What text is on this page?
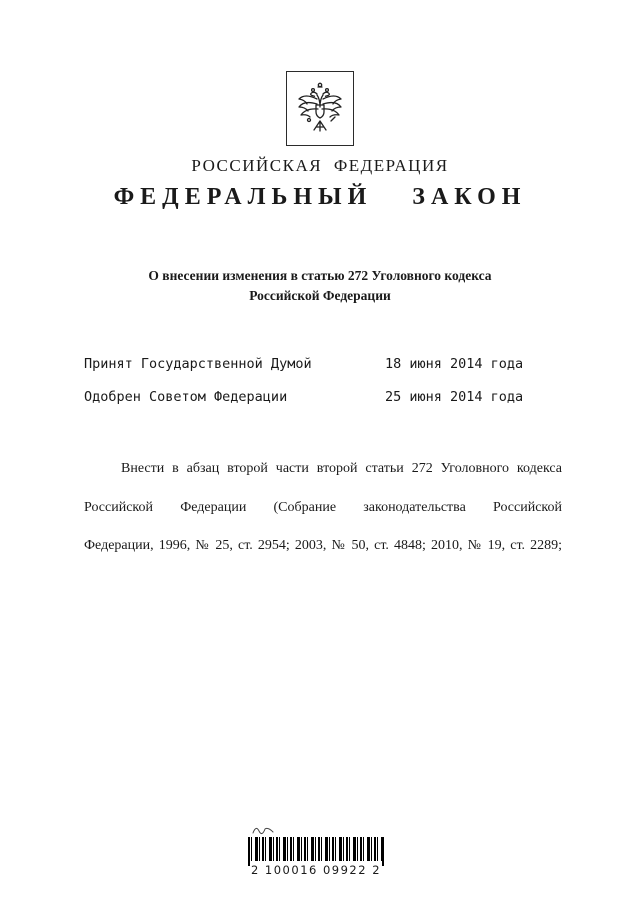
РОССИЙСКАЯ ФЕДЕРАЦИЯ
ФЕДЕРАЛЬНЫЙ ЗАКОН
О внесении изменения в статью 272 Уголовного кодекса
Российской Федерации
Принят Государственной Думой	18 июня 2014 года
Одобрен Советом Федерации	25 июня 2014 года
Внести в абзац второй части второй статьи 272 Уголовного кодекса
Российской Федерации (Собрание законодательства Российской
Федерации, 1996, № 25, ст. 2954; 2003, № 50, ст. 4848; 2010, № 19, ст. 2289;
2 100016 09922 2
